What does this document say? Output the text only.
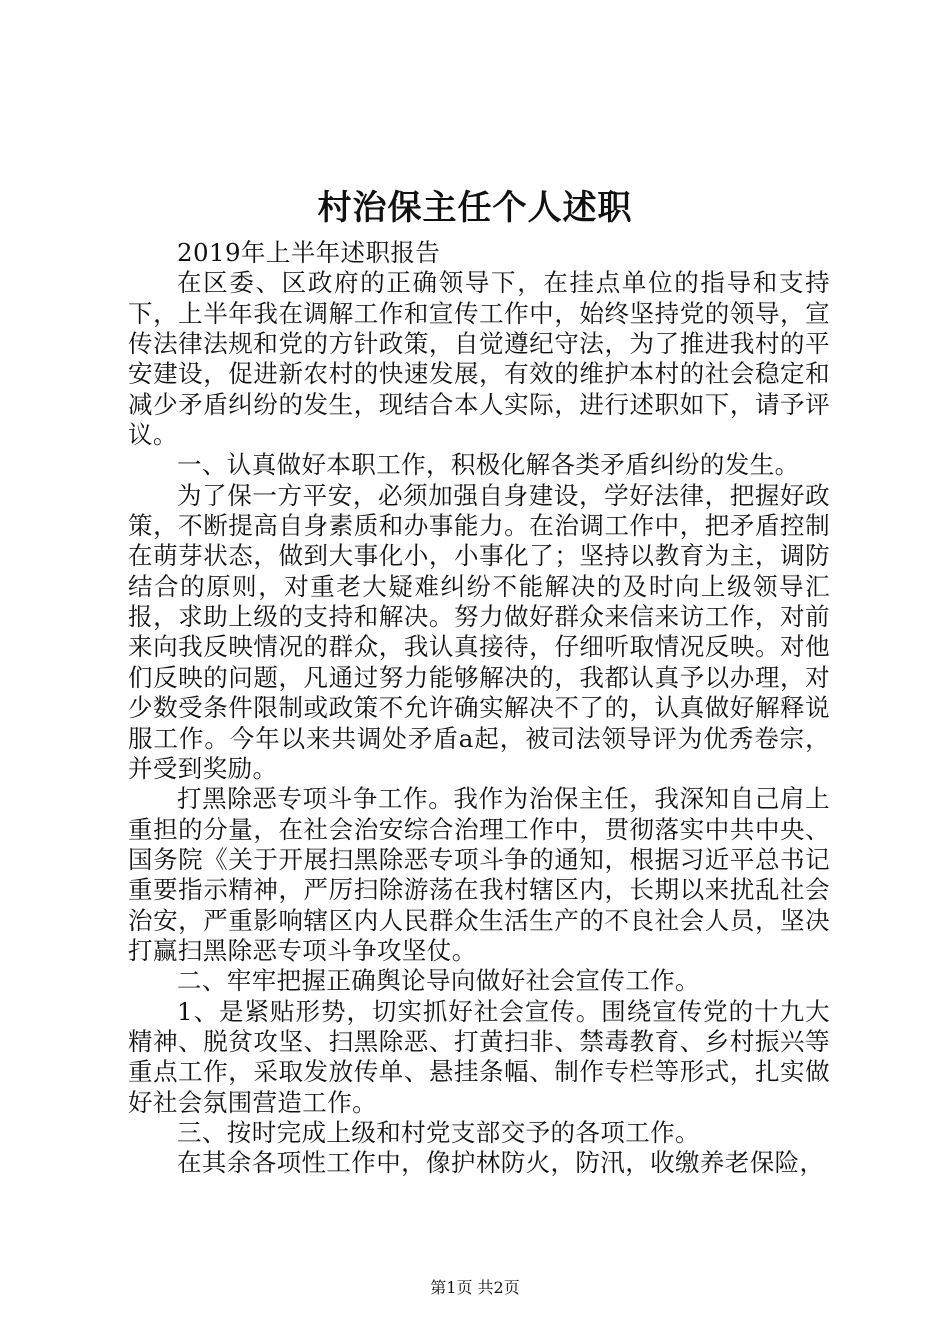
村治保主任个人述职

2019年上半年述职报告

在区委、区政府的正确领导下，在挂点单位的指导和支持下，上半年我在调解工作和宣传工作中，始终坚持党的领导，宣传法律法规和党的方针政策，自觉遵纪守法，为了推进我村的平安建设，促进新农村的快速发展，有效的维护本村的社会稳定和减少矛盾纠纷的发生，现结合本人实际，进行述职如下，请予评议。

一、认真做好本职工作，积极化解各类矛盾纠纷的发生。

为了保一方平安，必须加强自身建设，学好法律，把握好政策，不断提高自身素质和办事能力。在治调工作中，把矛盾控制在萌芽状态，做到大事化小，小事化了；坚持以教育为主，调防结合的原则，对重老大疑难纠纷不能解决的及时向上级领导汇报，求助上级的支持和解决。努力做好群众来信来访工作，对前来向我反映情况的群众，我认真接待，仔细听取情况反映。对他们反映的问题，凡通过努力能够解决的，我都认真予以办理，对少数受条件限制或政策不允许确实解决不了的，认真做好解释说服工作。今年以来共调处矛盾a起，被司法领导评为优秀卷宗，并受到奖励。

打黑除恶专项斗争工作。我作为治保主任，我深知自己肩上重担的分量，在社会治安综合治理工作中，贯彻落实中共中央、国务院《关于开展扫黑除恶专项斗争的通知，根据习近平总书记重要指示精神，严厉扫除游荡在我村辖区内，长期以来扰乱社会治安，严重影响辖区内人民群众生活生产的不良社会人员，坚决打赢扫黑除恶专项斗争攻坚仗。

二、牢牢把握正确舆论导向做好社会宣传工作。

1、是紧贴形势，切实抓好社会宣传。围绕宣传党的十九大精神、脱贫攻坚、扫黑除恶、打黄扫非、禁毒教育、乡村振兴等重点工作，采取发放传单、悬挂条幅、制作专栏等形式，扎实做好社会氛围营造工作。

三、按时完成上级和村党支部交予的各项工作。

在其余各项性工作中，像护林防火，防汛，收缴养老保险，

第1页 共2页
